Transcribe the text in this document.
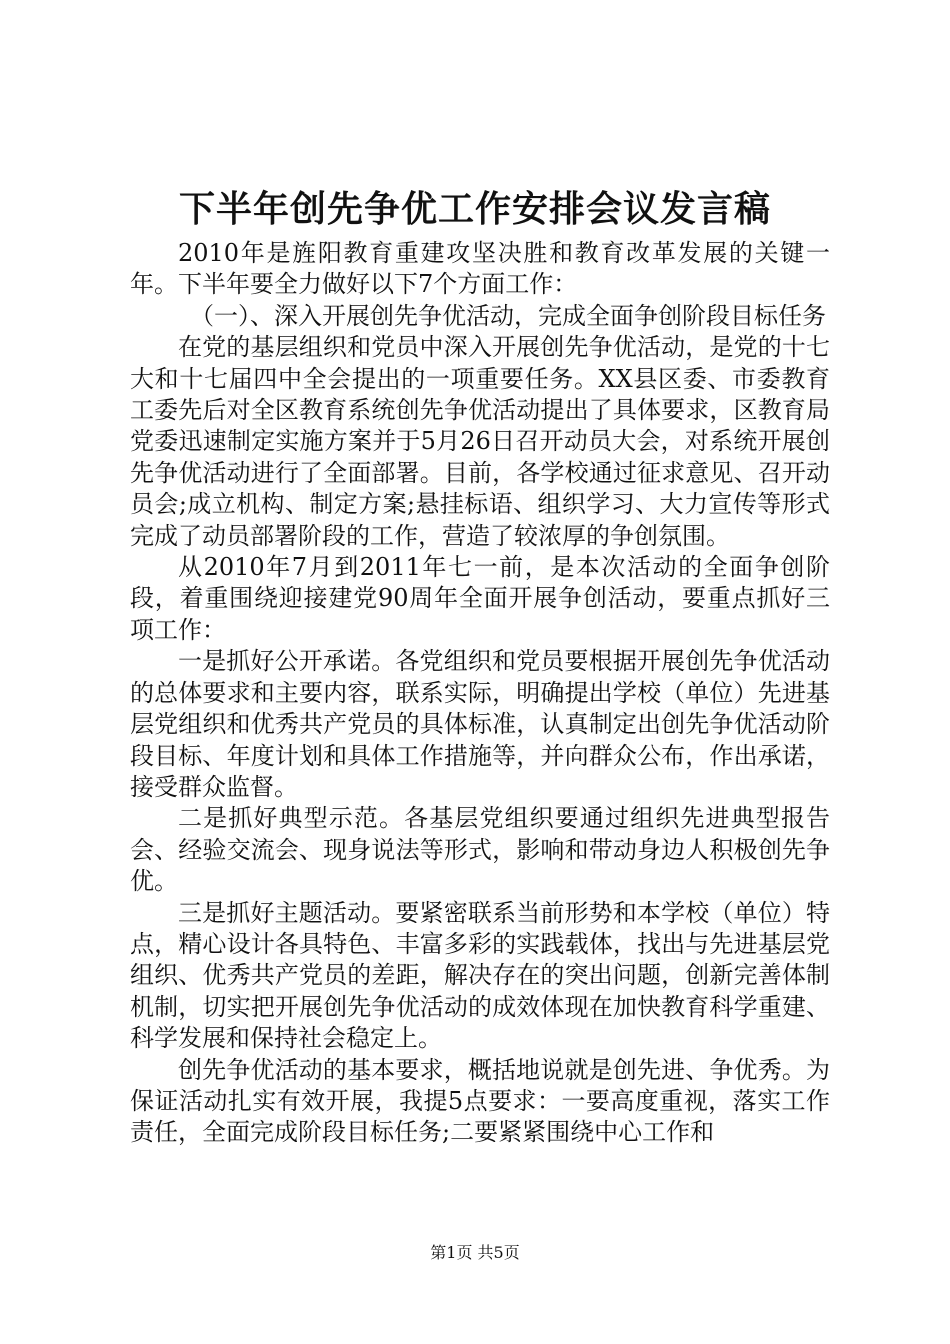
下半年创先争优工作安排会议发言稿

2010年是旌阳教育重建攻坚决胜和教育改革发展的关键一年。下半年要全力做好以下7个方面工作：

（一）、深入开展创先争优活动，完成全面争创阶段目标任务

在党的基层组织和党员中深入开展创先争优活动，是党的十七大和十七届四中全会提出的一项重要任务。XX县区委、市委教育工委先后对全区教育系统创先争优活动提出了具体要求，区教育局党委迅速制定实施方案并于5月26日召开动员大会，对系统开展创先争优活动进行了全面部署。目前，各学校通过征求意见、召开动员会;成立机构、制定方案;悬挂标语、组织学习、大力宣传等形式完成了动员部署阶段的工作，营造了较浓厚的争创氛围。

从2010年7月到2011年七一前，是本次活动的全面争创阶段，着重围绕迎接建党90周年全面开展争创活动，要重点抓好三项工作：

一是抓好公开承诺。各党组织和党员要根据开展创先争优活动的总体要求和主要内容，联系实际，明确提出学校（单位）先进基层党组织和优秀共产党员的具体标准，认真制定出创先争优活动阶段目标、年度计划和具体工作措施等，并向群众公布，作出承诺，接受群众监督。

二是抓好典型示范。各基层党组织要通过组织先进典型报告会、经验交流会、现身说法等形式，影响和带动身边人积极创先争优。

三是抓好主题活动。要紧密联系当前形势和本学校（单位）特点，精心设计各具特色、丰富多彩的实践载体，找出与先进基层党组织、优秀共产党员的差距，解决存在的突出问题，创新完善体制机制，切实把开展创先争优活动的成效体现在加快教育科学重建、科学发展和保持社会稳定上。

创先争优活动的基本要求，概括地说就是创先进、争优秀。为保证活动扎实有效开展，我提5点要求：一要高度重视，落实工作责任，全面完成阶段目标任务;二要紧紧围绕中心工作和

第1页 共5页
